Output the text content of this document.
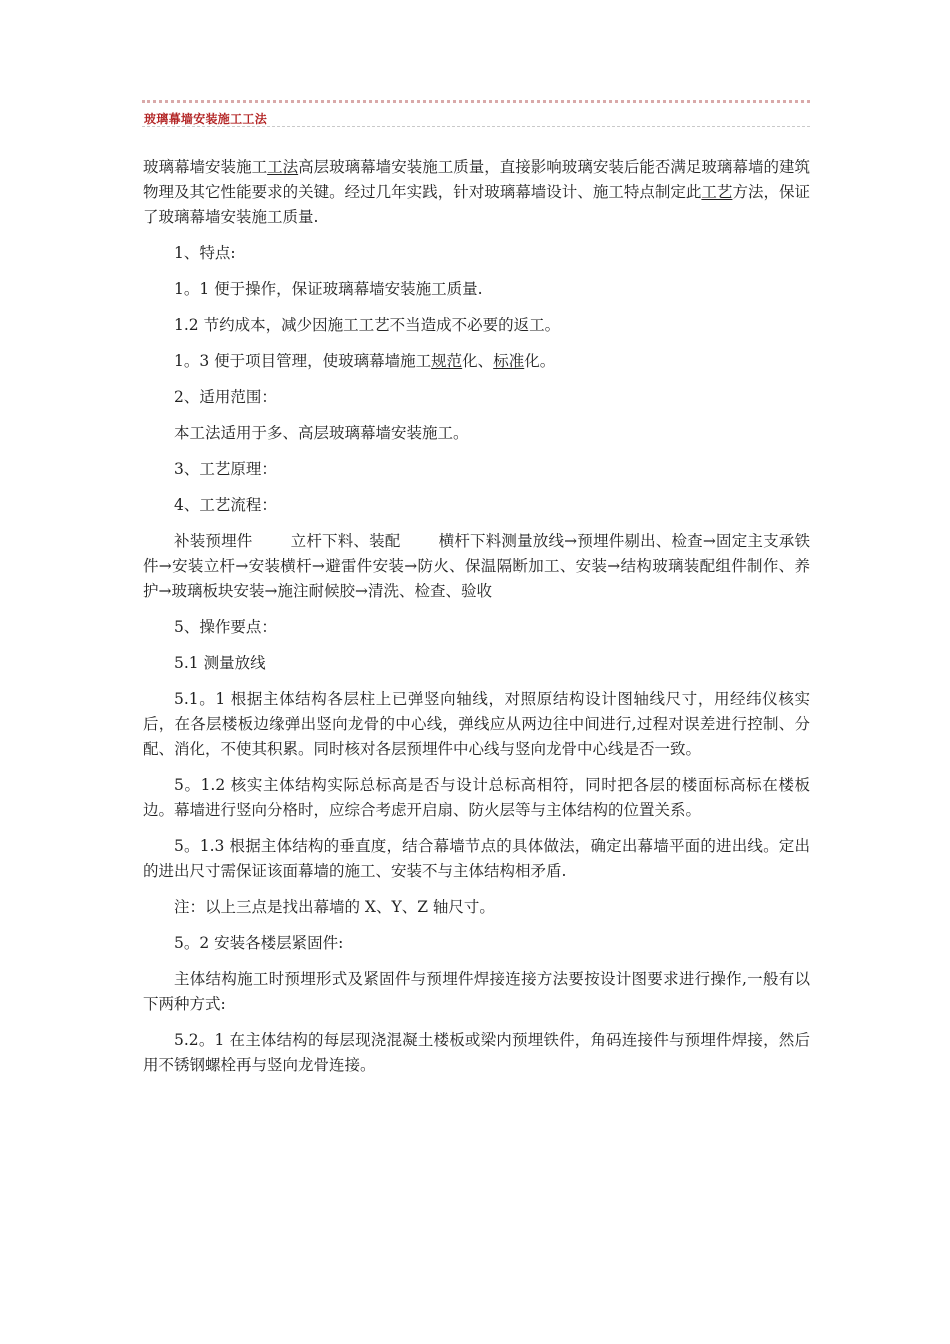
玻璃幕墙安装施工工法

玻璃幕墙安装施工工法高层玻璃幕墙安装施工质量，直接影响玻璃安装后能否满足玻璃幕墙的建筑物理及其它性能要求的关键。经过几年实践，针对玻璃幕墙设计、施工特点制定此工艺方法，保证了玻璃幕墙安装施工质量.

1、特点:

1。1 便于操作，保证玻璃幕墙安装施工质量.

1.2 节约成本，减少因施工工艺不当造成不必要的返工。

1。3 便于项目管理，使玻璃幕墙施工规范化、标准化。

2、适用范围：

本工法适用于多、高层玻璃幕墙安装施工。

3、工艺原理：

4、工艺流程：

补装预埋件 立杆下料、装配 横杆下料测量放线→预埋件剔出、检查→固定主支承铁件→安装立杆→安装横杆→避雷件安装→防火、保温隔断加工、安装→结构玻璃装配组件制作、养护→玻璃板块安装→施注耐候胶→清洗、检查、验收

5、操作要点：

5.1 测量放线

5.1。1 根据主体结构各层柱上已弹竖向轴线，对照原结构设计图轴线尺寸，用经纬仪核实后，在各层楼板边缘弹出竖向龙骨的中心线，弹线应从两边往中间进行,过程对误差进行控制、分配、消化，不使其积累。同时核对各层预埋件中心线与竖向龙骨中心线是否一致。

5。1.2 核实主体结构实际总标高是否与设计总标高相符，同时把各层的楼面标高标在楼板边。幕墙进行竖向分格时，应综合考虑开启扇、防火层等与主体结构的位置关系。

5。1.3 根据主体结构的垂直度，结合幕墙节点的具体做法，确定出幕墙平面的进出线。定出的进出尺寸需保证该面幕墙的施工、安装不与主体结构相矛盾.

注：以上三点是找出幕墙的 X、Y、Z 轴尺寸。

5。2 安装各楼层紧固件:

主体结构施工时预埋形式及紧固件与预埋件焊接连接方法要按设计图要求进行操作,一般有以下两种方式:

5.2。1 在主体结构的每层现浇混凝土楼板或梁内预埋铁件，角码连接件与预埋件焊接，然后用不锈钢螺栓再与竖向龙骨连接。
